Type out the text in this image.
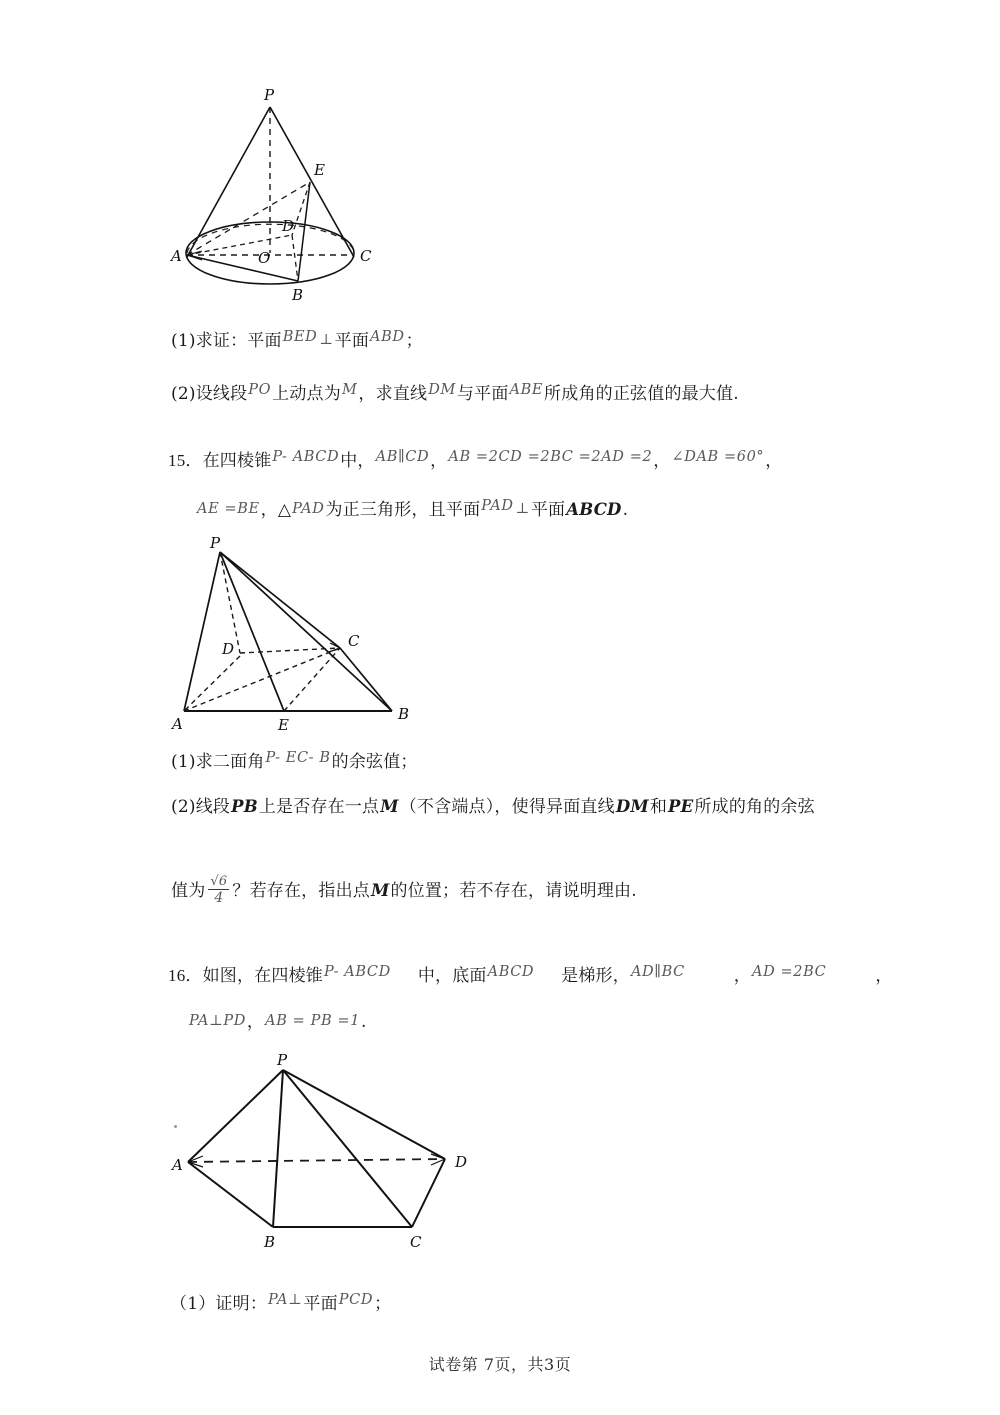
P
E
D
A	O	C
B
(1)求证：平面BED ⊥平面ABD；
(2)设线段PO上动点为M，求直线DM与平面ABE所成角的正弦值的最大值.
15．在四棱锥P- ABCD中，AB∥CD，AB =2CD =2BC =2AD =2，∠DAB =60°，
AE =BE，△PAD为正三角形，且平面PAD ⊥平面ABCD.
P
D	C
A	E
B
(1)求二面角P- EC- B的余弦值；
(2)线段PB上是否存在一点M（不含端点），使得异面直线DM和PE所成的角的余弦
值为 $\frac{√6}{4}$ ？若存在，指出点M的位置；若不存在，请说明理由.
16．如图，在四棱锥P- ABCD 中，底面ABCD 是梯形，AD∥BC	，AD =2BC	，
PA⊥PD，AB = PB =1.
P
A	D
B	C
（1）证明：PA⊥平面PCD；
试卷第 7页，共3页
